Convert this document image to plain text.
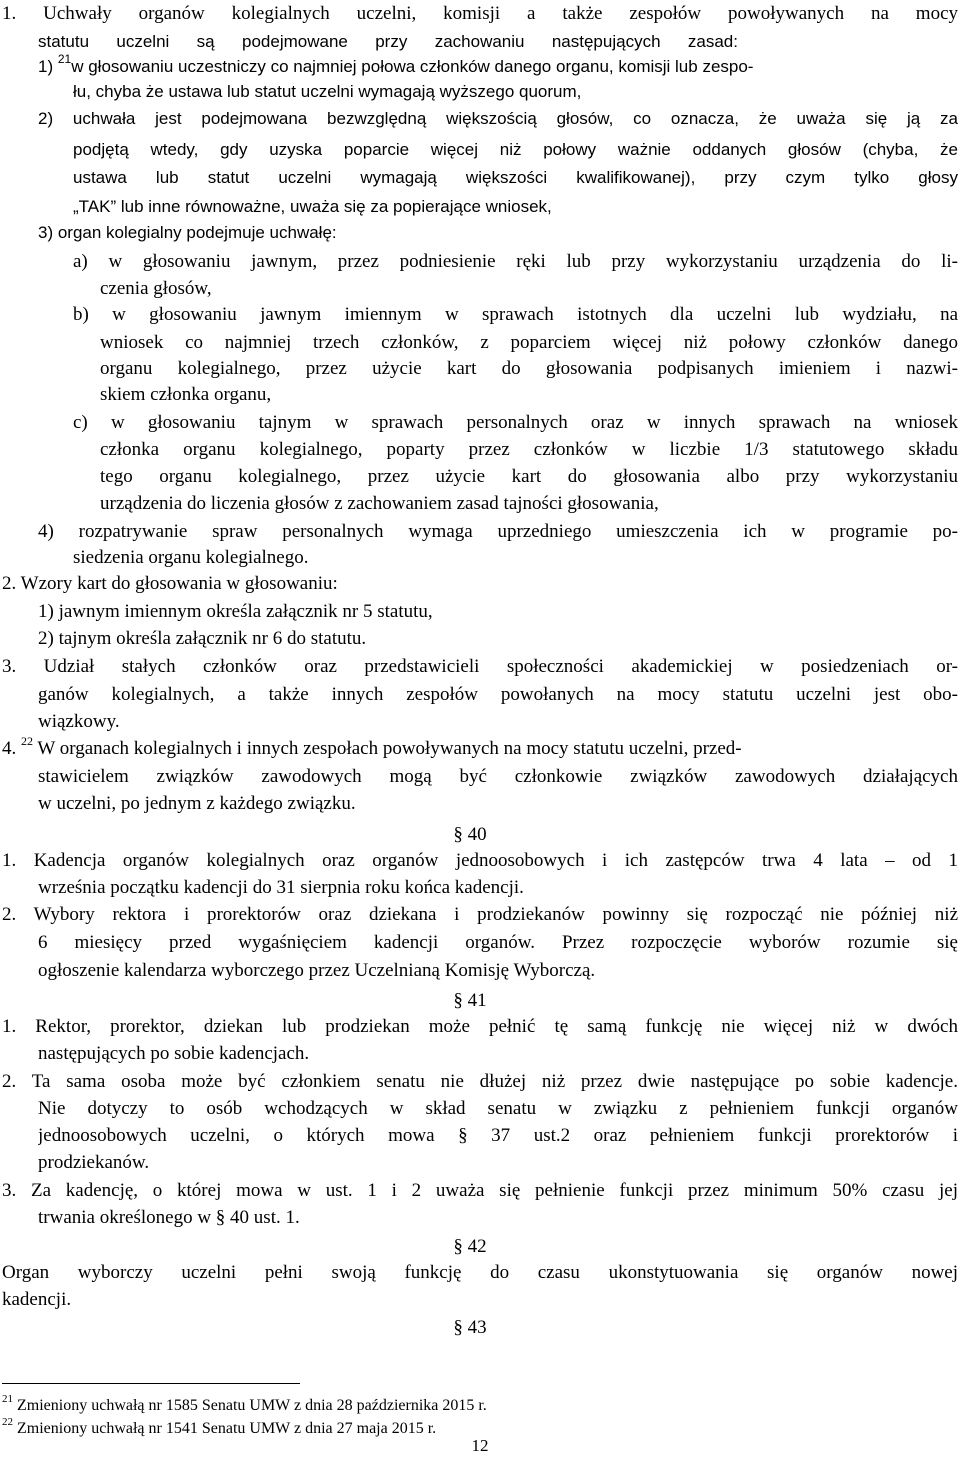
1. Uchwały organów kolegialnych uczelni, komisji a także zespołów powoływanych na mocy
statutu uczelni są podejmowane przy zachowaniu następujących zasad:
1) $^{21}$w głosowaniu uczestniczy co najmniej połowa członków danego organu, komisji lub zespo-
łu, chyba że ustawa lub statut uczelni wymagają wyższego quorum,
2) uchwała jest podejmowana bezwzględną większością głosów, co oznacza, że uważa się ją za
podjętą wtedy, gdy uzyska poparcie więcej niż połowy ważnie oddanych głosów (chyba, że
ustawa lub statut uczelni wymagają większości kwalifikowanej), przy czym tylko głosy
„TAK” lub inne równoważne, uważa się za popierające wniosek,
3) organ kolegialny podejmuje uchwałę:
a) w głosowaniu jawnym, przez podniesienie ręki lub przy wykorzystaniu urządzenia do li-
czenia głosów,
b) w głosowaniu jawnym imiennym w sprawach istotnych dla uczelni lub wydziału, na
wniosek co najmniej trzech członków, z poparciem więcej niż połowy członków danego
organu kolegialnego, przez użycie kart do głosowania podpisanych imieniem i nazwi-
skiem członka organu,
c) w głosowaniu tajnym w sprawach personalnych oraz w innych sprawach na wniosek
członka organu kolegialnego, poparty przez członków w liczbie 1/3 statutowego składu
tego organu kolegialnego, przez użycie kart do głosowania albo przy wykorzystaniu
urządzenia do liczenia głosów z zachowaniem zasad tajności głosowania,
4) rozpatrywanie spraw personalnych wymaga uprzedniego umieszczenia ich w programie po-
siedzenia organu kolegialnego.
2. Wzory kart do głosowania w głosowaniu:
1) jawnym imiennym określa załącznik nr 5 statutu,
2) tajnym określa załącznik nr 6 do statutu.
3. Udział stałych członków oraz przedstawicieli społeczności akademickiej w posiedzeniach or-
ganów kolegialnych, a także innych zespołów powołanych na mocy statutu uczelni jest obo-
wiązkowy.
4. $^{22}$ W organach kolegialnych i innych zespołach powoływanych na mocy statutu uczelni, przed-
stawicielem związków zawodowych mogą być członkowie związków zawodowych działających
w uczelni, po jednym z każdego związku.
§ 40
1. Kadencja organów kolegialnych oraz organów jednoosobowych i ich zastępców trwa 4 lata – od 1
września początku kadencji do 31 sierpnia roku końca kadencji.
2. Wybory rektora i prorektorów oraz dziekana i prodziekanów powinny się rozpocząć nie później niż
6 miesięcy przed wygaśnięciem kadencji organów. Przez rozpoczęcie wyborów rozumie się
ogłoszenie kalendarza wyborczego przez Uczelnianą Komisję Wyborczą.
§ 41
1. Rektor, prorektor, dziekan lub prodziekan może pełnić tę samą funkcję nie więcej niż w dwóch
następujących po sobie kadencjach.
2. Ta sama osoba może być członkiem senatu nie dłużej niż przez dwie następujące po sobie kadencje.
Nie dotyczy to osób wchodzących w skład senatu w związku z pełnieniem funkcji organów
jednoosobowych uczelni, o których mowa § 37 ust.2 oraz pełnieniem funkcji prorektorów i
prodziekanów.
3. Za kadencję, o której mowa w ust. 1 i 2 uważa się pełnienie funkcji przez minimum 50% czasu jej
trwania określonego w § 40 ust. 1.
§ 42
Organ wyborczy uczelni pełni swoją funkcję do czasu ukonstytuowania się organów nowej
kadencji.
§ 43
$^{21}$ Zmieniony uchwałą nr 1585 Senatu UMW z dnia 28 października 2015 r.
$^{22}$ Zmieniony uchwałą nr 1541 Senatu UMW z dnia 27 maja 2015 r.
12
